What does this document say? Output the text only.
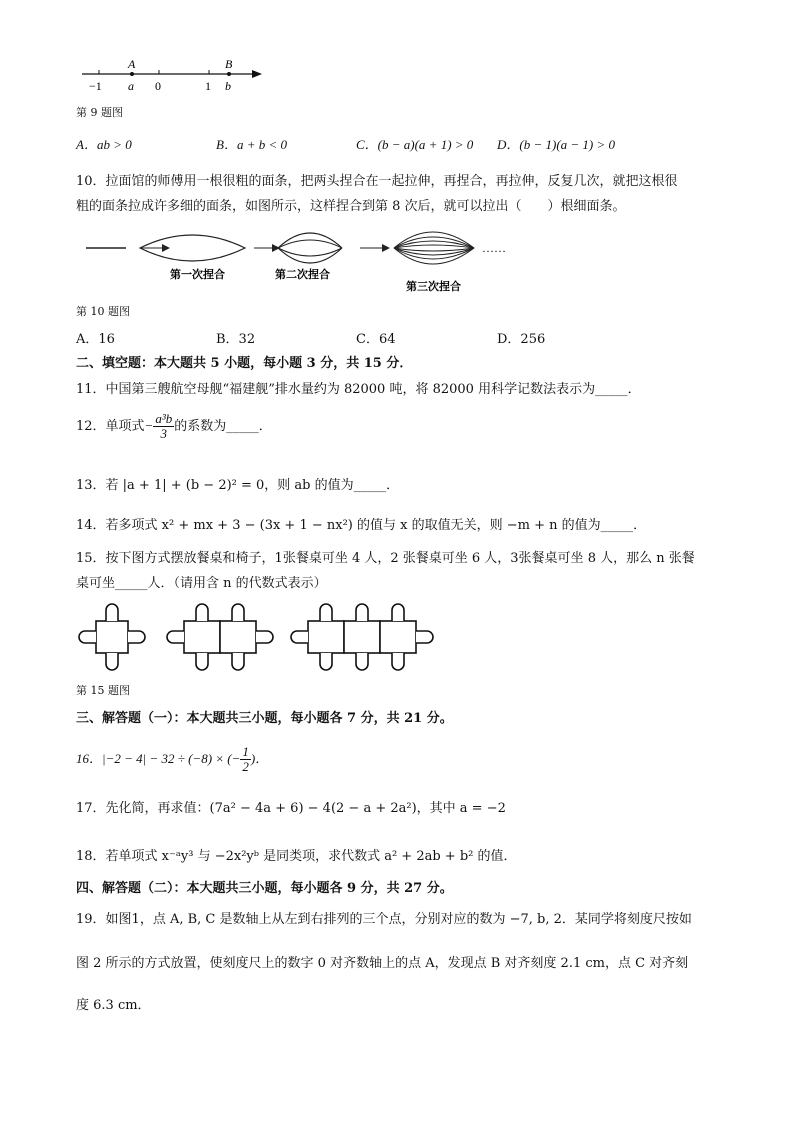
A	B
−1 a 0	1 b
第 9 题图
A．ab > 0	B．a + b < 0	C．(b − a)(a + 1) > 0 D．(b − 1)(a − 1) > 0
10．拉面馆的师傅用一根很粗的面条，把两头捏合在一起拉伸，再捏合，再拉伸，反复几次，就把这根很
粗的面条拉成许多细的面条，如图所示，这样捏合到第 8 次后，就可以拉出（　　）根细面条。
……
第一次捏合	第二次捏合
第三次捏合
第 10 题图
A．16	B．32	C．64	D．256
二、填空题：本大题共 5 小题，每小题 3 分，共 15 分．
11．中国第三艘航空母舰“福建舰”排水量约为 82000 吨，将 82000 用科学记数法表示为_____．
12．单项式− $\frac{\text{a³b}}{3}$ 的系数为_____．
13．若 |a + 1| + (b − 2)² = 0，则 ab 的值为_____．
14．若多项式 x² + mx + 3 − (3x + 1 − nx²) 的值与 x 的取值无关，则 −m + n 的值为_____．
15．按下图方式摆放餐桌和椅子，1张餐桌可坐 4 人，2 张餐桌可坐 6 人，3张餐桌可坐 8 人，那么 n 张餐
桌可坐_____人．（请用含 n 的代数式表示）
第 15 题图
三、解答题（一）：本大题共三小题，每小题各 7 分，共 21 分。
16．|−2 − 4| − 32 ÷ (−8) × (− $\frac{1}{2}$ )．
17．先化简，再求值：(7a² − 4a + 6) − 4(2 − a + 2a²)，其中 a = −2
18．若单项式 x⁻ᵃy³ 与 −2x²yᵇ 是同类项，求代数式 a² + 2ab + b² 的值．
四、解答题（二）：本大题共三小题，每小题各 9 分，共 27 分。
19．如图1，点 A, B, C 是数轴上从左到右排列的三个点，分别对应的数为 −7, b, 2．某同学将刻度尺按如
图 2 所示的方式放置，使刻度尺上的数字 0 对齐数轴上的点 A，发现点 B 对齐刻度 2.1 cm，点 C 对齐刻
度 6.3 cm．
